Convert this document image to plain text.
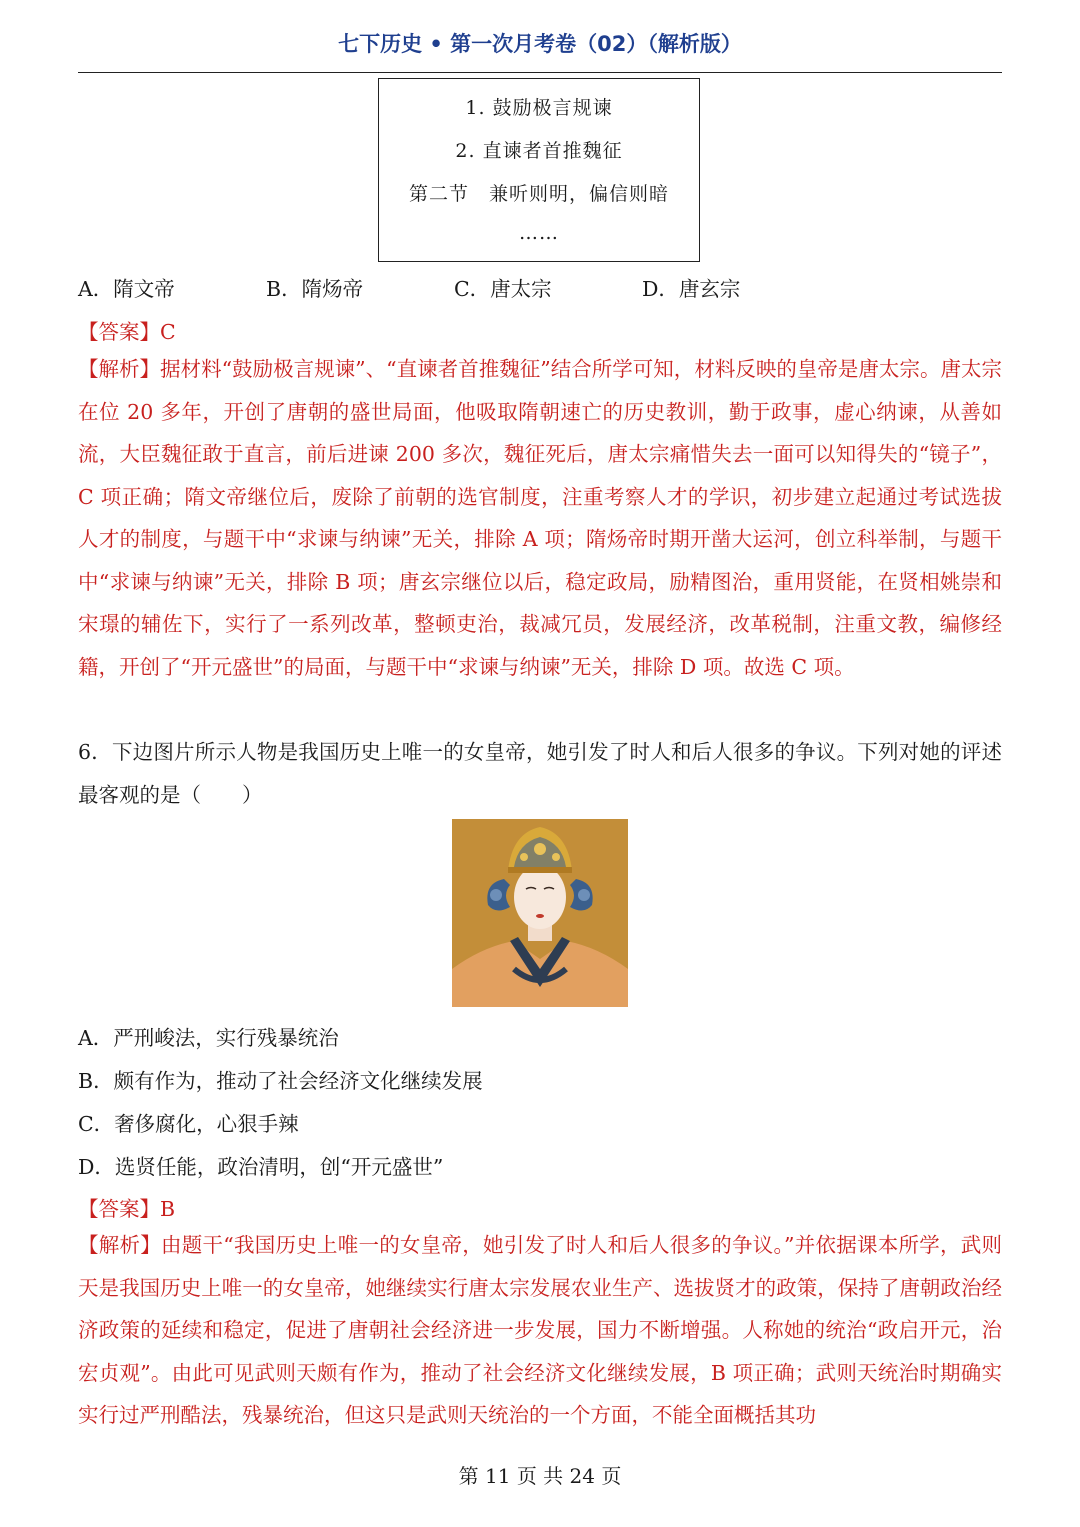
七下历史 • 第一次月考卷（02）（解析版）
1. 鼓励极言规谏
2. 直谏者首推魏征
第二节　兼听则明，偏信则暗
……
A．隋文帝	B．隋炀帝	C．唐太宗	D．唐玄宗
【答案】C
【解析】据材料“鼓励极言规谏”、“直谏者首推魏征”结合所学可知，材料反映的皇帝是唐太宗。唐太宗在位 20 多年，开创了唐朝的盛世局面，他吸取隋朝速亡的历史教训，勤于政事，虚心纳谏，从善如流，大臣魏征敢于直言，前后进谏 200 多次，魏征死后，唐太宗痛惜失去一面可以知得失的“镜子”，C 项正确；隋文帝继位后，废除了前朝的选官制度，注重考察人才的学识，初步建立起通过考试选拔人才的制度，与题干中“求谏与纳谏”无关，排除 A 项；隋炀帝时期开凿大运河，创立科举制，与题干中“求谏与纳谏”无关，排除 B 项；唐玄宗继位以后，稳定政局，励精图治，重用贤能，在贤相姚崇和宋璟的辅佐下，实行了一系列改革，整顿吏治，裁减冗员，发展经济，改革税制，注重文教，编修经籍，开创了“开元盛世”的局面，与题干中“求谏与纳谏”无关，排除 D 项。故选 C 项。
6．下边图片所示人物是我国历史上唯一的女皇帝，她引发了时人和后人很多的争议。下列对她的评述最客观的是（　　）
A．严刑峻法，实行残暴统治
B．颇有作为，推动了社会经济文化继续发展
C．奢侈腐化，心狠手辣
D．选贤任能，政治清明，创“开元盛世”
【答案】B
【解析】由题干“我国历史上唯一的女皇帝，她引发了时人和后人很多的争议。”并依据课本所学，武则天是我国历史上唯一的女皇帝，她继续实行唐太宗发展农业生产、选拔贤才的政策，保持了唐朝政治经济政策的延续和稳定，促进了唐朝社会经济进一步发展，国力不断增强。人称她的统治“政启开元，治宏贞观”。由此可见武则天颇有作为，推动了社会经济文化继续发展，B 项正确；武则天统治时期确实实行过严刑酷法，残暴统治，但这只是武则天统治的一个方面，不能全面概括其功
第 11 页 共 24 页
